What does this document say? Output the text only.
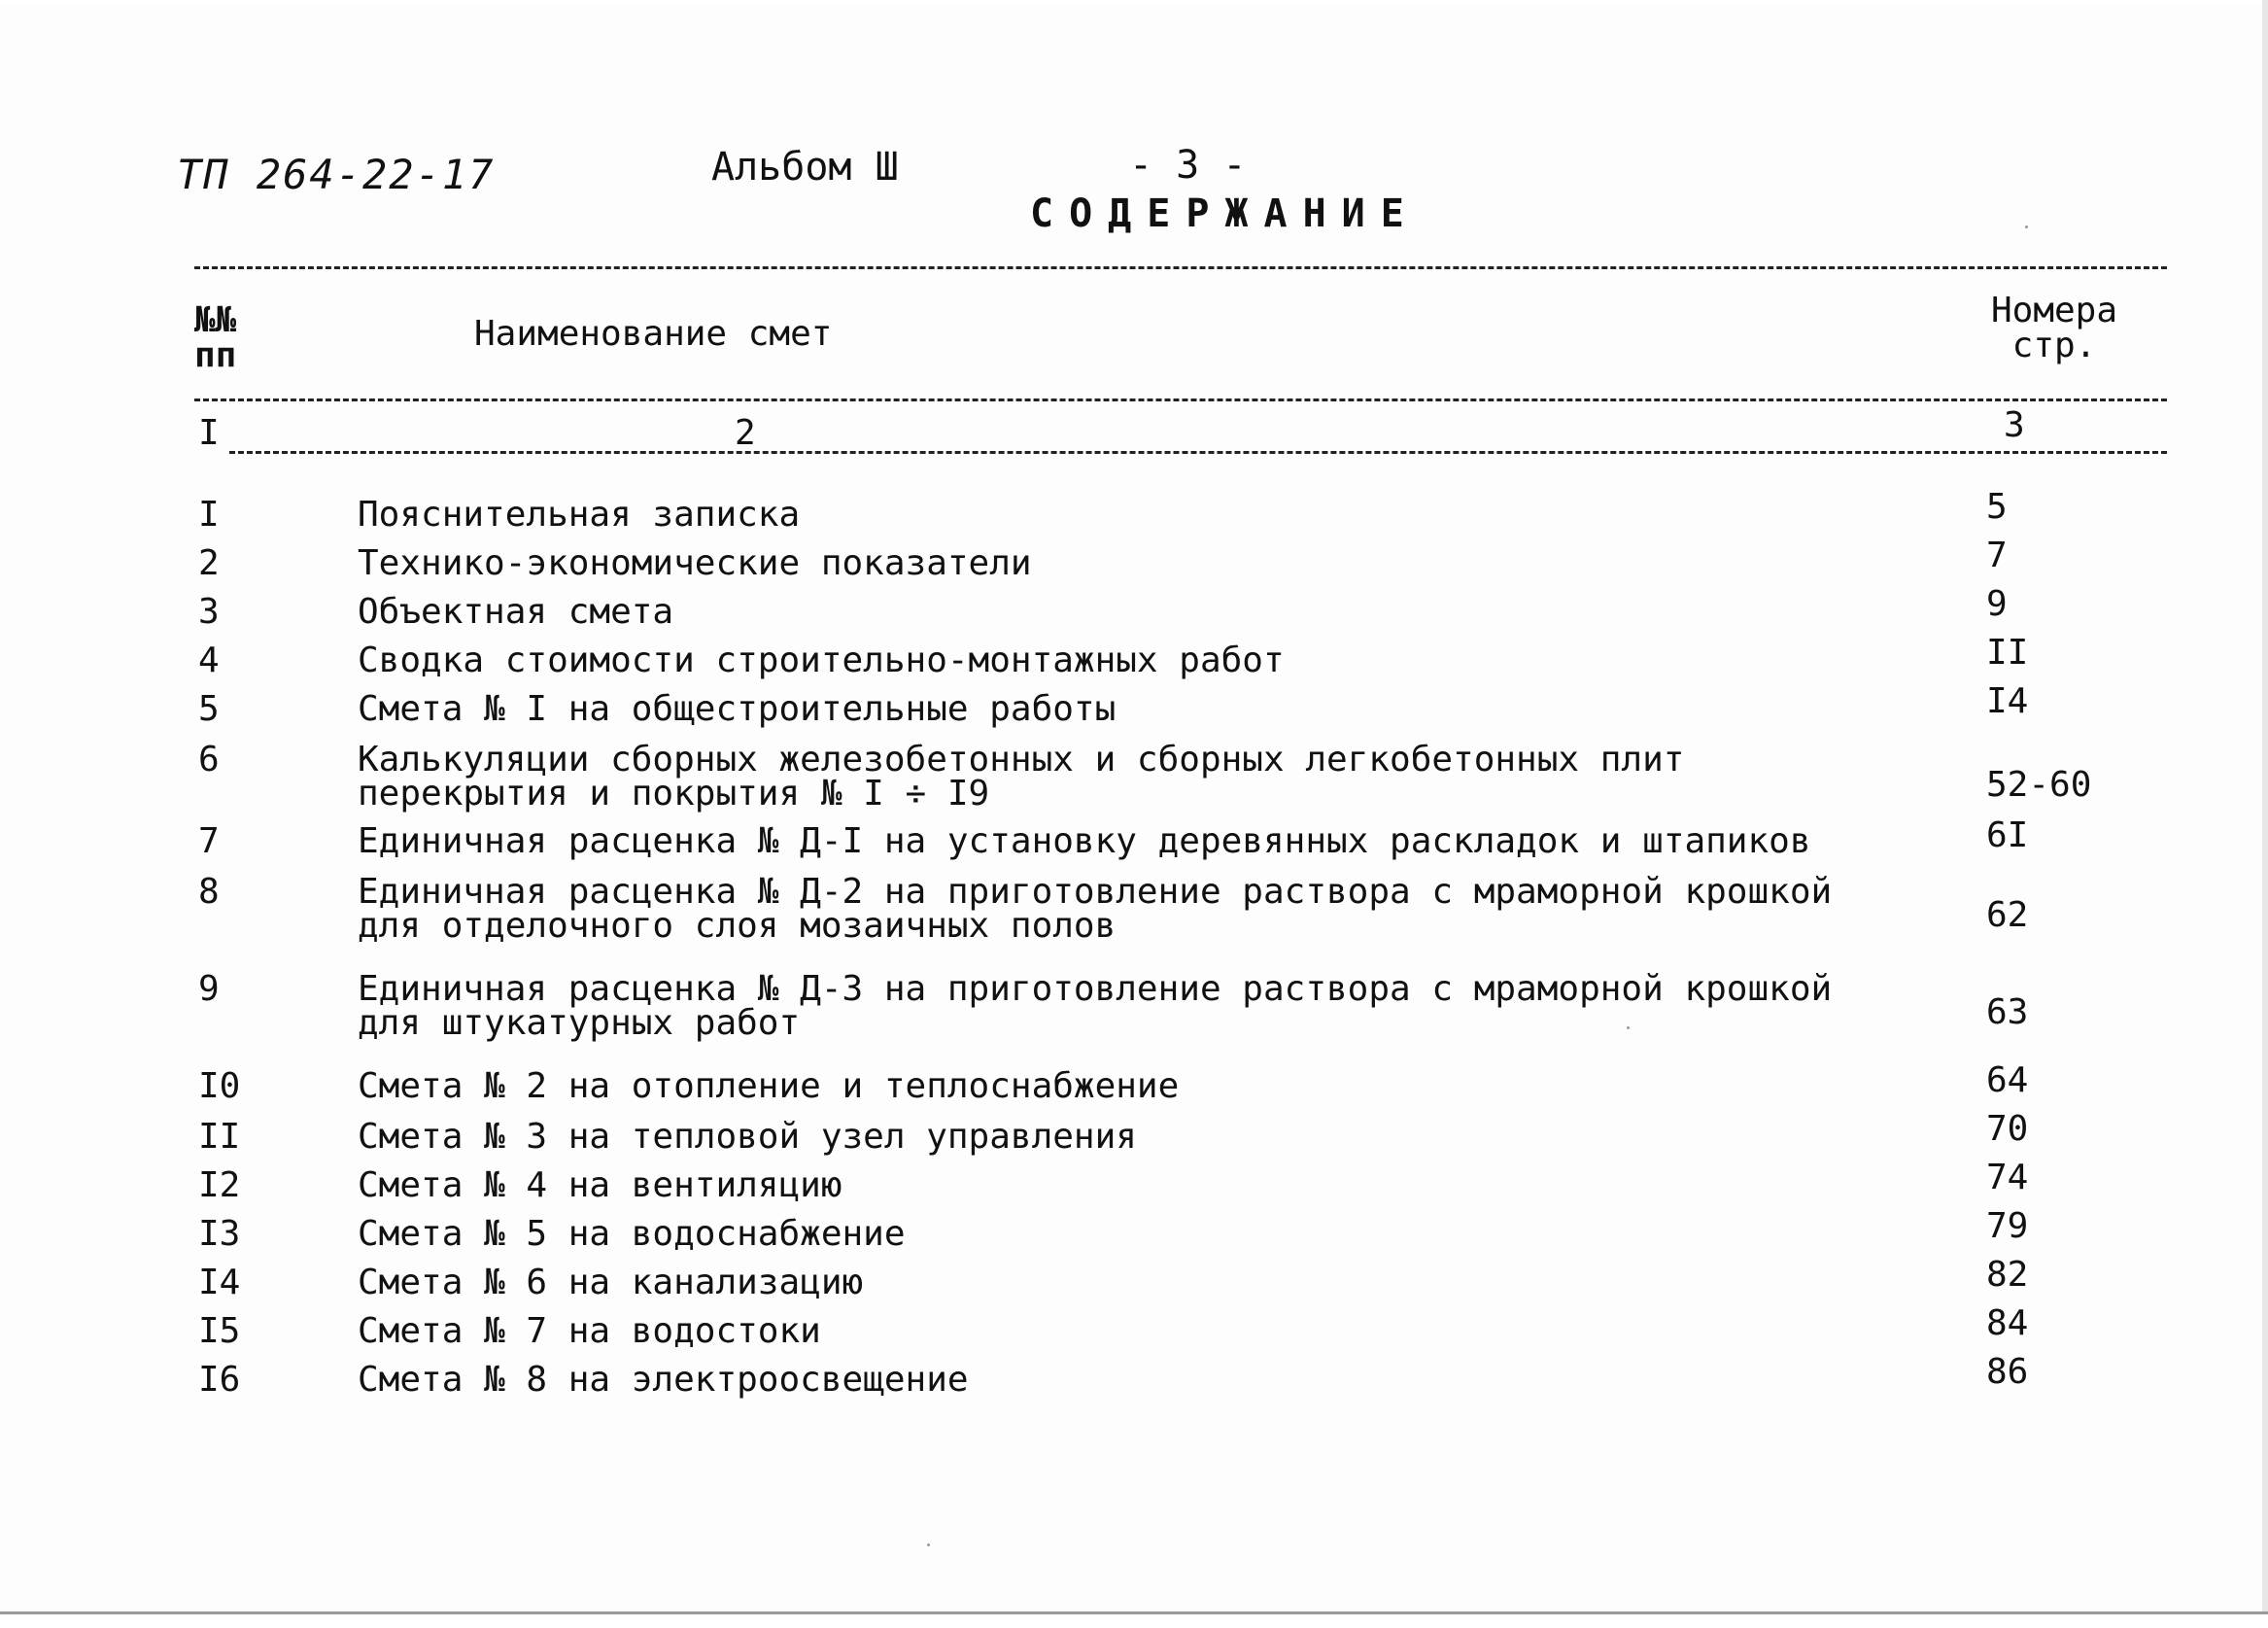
ТП 264-22-17	Альбом Ш	- 3 -
СОДЕРЖАНИЕ
№№
пп
Наименование смет
Номера
стр.
I	2	3
I	Пояснительная записка	5
2	Технико-экономические показатели	7
3	Объектная смета	9
4	Сводка стоимости строительно-монтажных работ	II
5	Смета № I на общестроительные работы	I4
6	Калькуляции сборных железобетонных и сборных легкобетонных плит
перекрытия и покрытия № I ÷ I9	52-60
7	Единичная расценка № Д-I на установку деревянных раскладок и штапиков	6I
8	Единичная расценка № Д-2 на приготовление раствора с мраморной крошкой
для отделочного слоя мозаичных полов	62
9	Единичная расценка № Д-3 на приготовление раствора с мраморной крошкой
для штукатурных работ	63
I0	Смета № 2 на отопление и теплоснабжение	64
II	Смета № 3 на тепловой узел управления	70
I2	Смета № 4 на вентиляцию	74
I3	Смета № 5 на водоснабжение	79
I4	Смета № 6 на канализацию	82
I5	Смета № 7 на водостоки	84
I6	Смета № 8 на электроосвещение	86
